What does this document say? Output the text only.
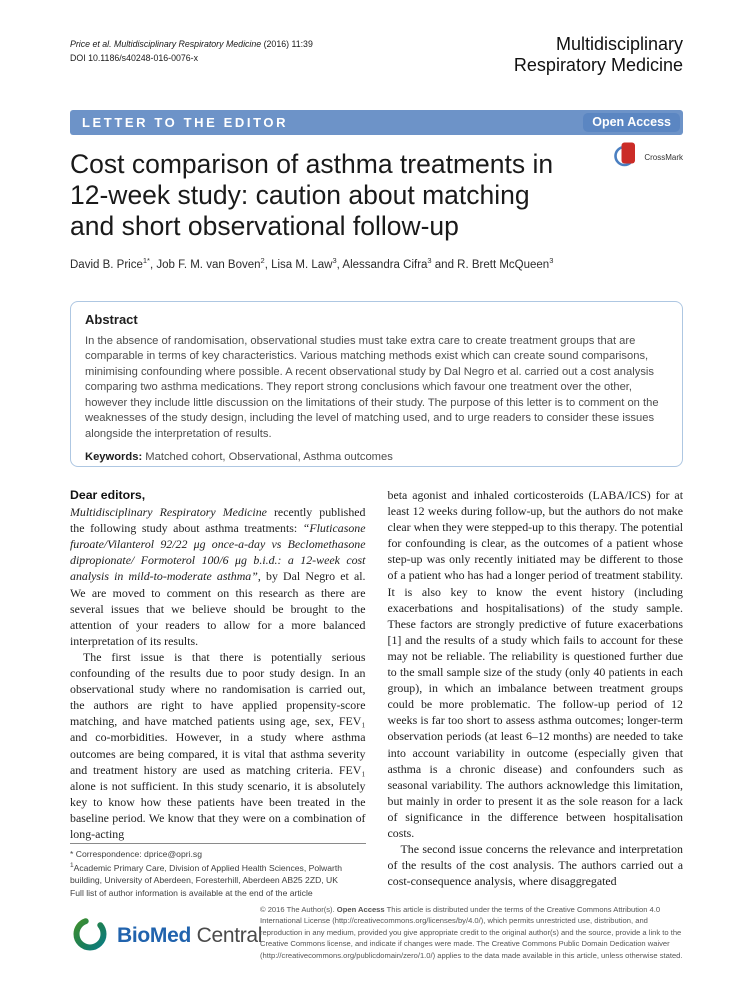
Price et al. Multidisciplinary Respiratory Medicine (2016) 11:39
DOI 10.1186/s40248-016-0076-x
Multidisciplinary
Respiratory Medicine
LETTER TO THE EDITOR	Open Access
Cost comparison of asthma treatments in
12-week study: caution about matching
and short observational follow-up
CrossMark
David B. Price$^{1*}$, Job F. M. van Boven$^2$, Lisa M. Law$^3$, Alessandra Cifra$^3$ and R. Brett McQueen$^3$
Abstract
In the absence of randomisation, observational studies must take extra care to create treatment groups that are comparable in terms of key characteristics. Various matching methods exist which can create sound comparisons, minimising confounding where possible. A recent observational study by Dal Negro et al. carried out a cost analysis comparing two asthma medications. They report strong conclusions which favour one treatment over the other, however they include little discussion on the limitations of their study. The purpose of this letter is to comment on the weaknesses of the study design, including the level of matching used, and to urge readers to consider these issues alongside the interpretation of results.
Keywords: Matched cohort, Observational, Asthma outcomes
Dear editors,

Multidisciplinary Respiratory Medicine recently published the following study about asthma treatments: “Fluticasone furoate/Vilanterol 92/22 μg once-a-day vs Beclomethasone dipropionate/ Formoterol 100/6 μg b.i.d.: a 12-week cost analysis in mild-to-moderate asthma”, by Dal Negro et al. We are moved to comment on this research as there are several issues that we believe should be brought to the attention of your readers to allow for a more balanced interpretation of its results.

The first issue is that there is potentially serious confounding of the results due to poor study design. In an observational study where no randomisation is carried out, the authors are right to have applied propensity-score matching, and have matched patients using age, sex, FEV₁ and co-morbidities. However, in a study where asthma outcomes are being compared, it is vital that asthma severity and treatment history are used as matching criteria. FEV₁ alone is not sufficient. In this study scenario, it is absolutely key to know how these patients have been treated in the baseline period. We know that they were on a combination of long-acting

* Correspondence: dprice@opri.sg
$^1$Academic Primary Care, Division of Applied Health Sciences, Polwarth building, University of Aberdeen, Foresterhill, Aberdeen AB25 2ZD, UK
Full list of author information is available at the end of the article

beta agonist and inhaled corticosteroids (LABA/ICS) for at least 12 weeks during follow-up, but the authors do not make clear when they were stepped-up to this therapy. The potential for confounding is clear, as the outcomes of a patient whose step-up was only recently initiated may be different to those of a patient who has had a longer period of treatment stability. It is also key to know the event history (including exacerbations and hospitalisations) of the study sample. These factors are strongly predictive of future exacerbations [1] and the results of a study which fails to account for these may not be reliable. The reliability is questioned further due to the small sample size of the study (only 40 patients in each group), in which an imbalance between treatment groups could be more problematic. The follow-up period of 12 weeks is far too short to assess asthma outcomes; longer-term observation periods (at least 6–12 months) are needed to take into account variability in outcome (especially given that asthma is a chronic disease) and confounders such as seasonal variability. The authors acknowledge this limitation, but mainly in order to present it as the sole reason for a lack of significance in the difference between hospitalisation costs.

The second issue concerns the relevance and interpretation of the results of the cost analysis. The authors carried out a cost-consequence analysis, where disaggregated

BioMed Central
© 2016 The Author(s). Open Access This article is distributed under the terms of the Creative Commons Attribution 4.0 International License (http://creativecommons.org/licenses/by/4.0/), which permits unrestricted use, distribution, and reproduction in any medium, provided you give appropriate credit to the original author(s) and the source, provide a link to the Creative Commons license, and indicate if changes were made. The Creative Commons Public Domain Dedication waiver (http://creativecommons.org/publicdomain/zero/1.0/) applies to the data made available in this article, unless otherwise stated.
